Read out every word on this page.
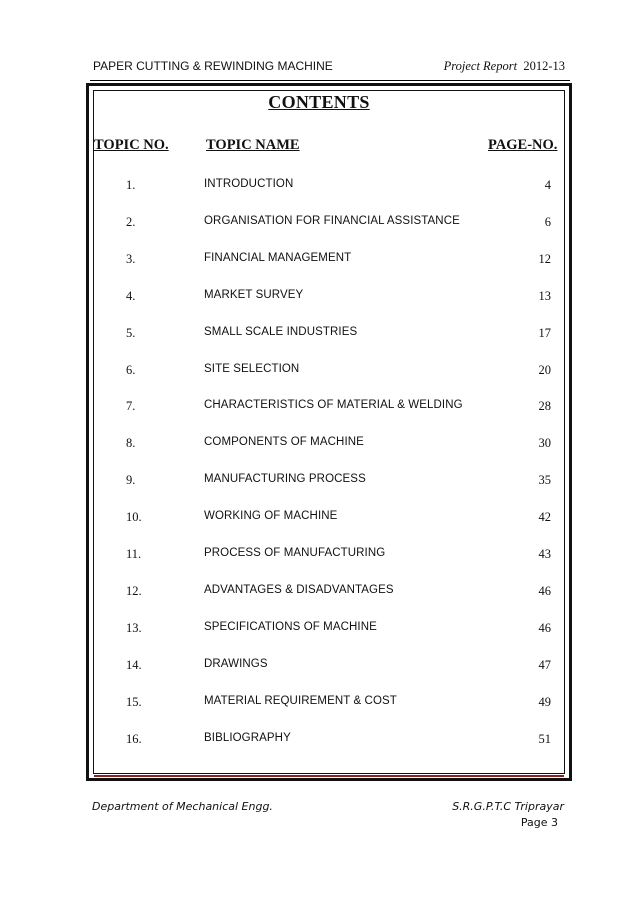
PAPER CUTTING & REWINDING MACHINE	Project Report 2012-13
CONTENTS
TOPIC NO.	TOPIC NAME	PAGE-NO.
1.	INTRODUCTION	4
2.	ORGANISATION FOR FINANCIAL ASSISTANCE	6
3.	FINANCIAL MANAGEMENT	12
4.	MARKET SURVEY	13
5.	SMALL SCALE INDUSTRIES	17
6.	SITE SELECTION	20
7.	CHARACTERISTICS OF MATERIAL & WELDING	28
8.	COMPONENTS OF MACHINE	30
9.	MANUFACTURING PROCESS	35
10.	WORKING OF MACHINE	42
11.	PROCESS OF MANUFACTURING	43
12.	ADVANTAGES & DISADVANTAGES	46
13.	SPECIFICATIONS OF MACHINE	46
14.	DRAWINGS	47
15.	MATERIAL REQUIREMENT & COST	49
16.	BIBLIOGRAPHY	51
Department of Mechanical Engg.	S.R.G.P.T.C Triprayar
Page 3
